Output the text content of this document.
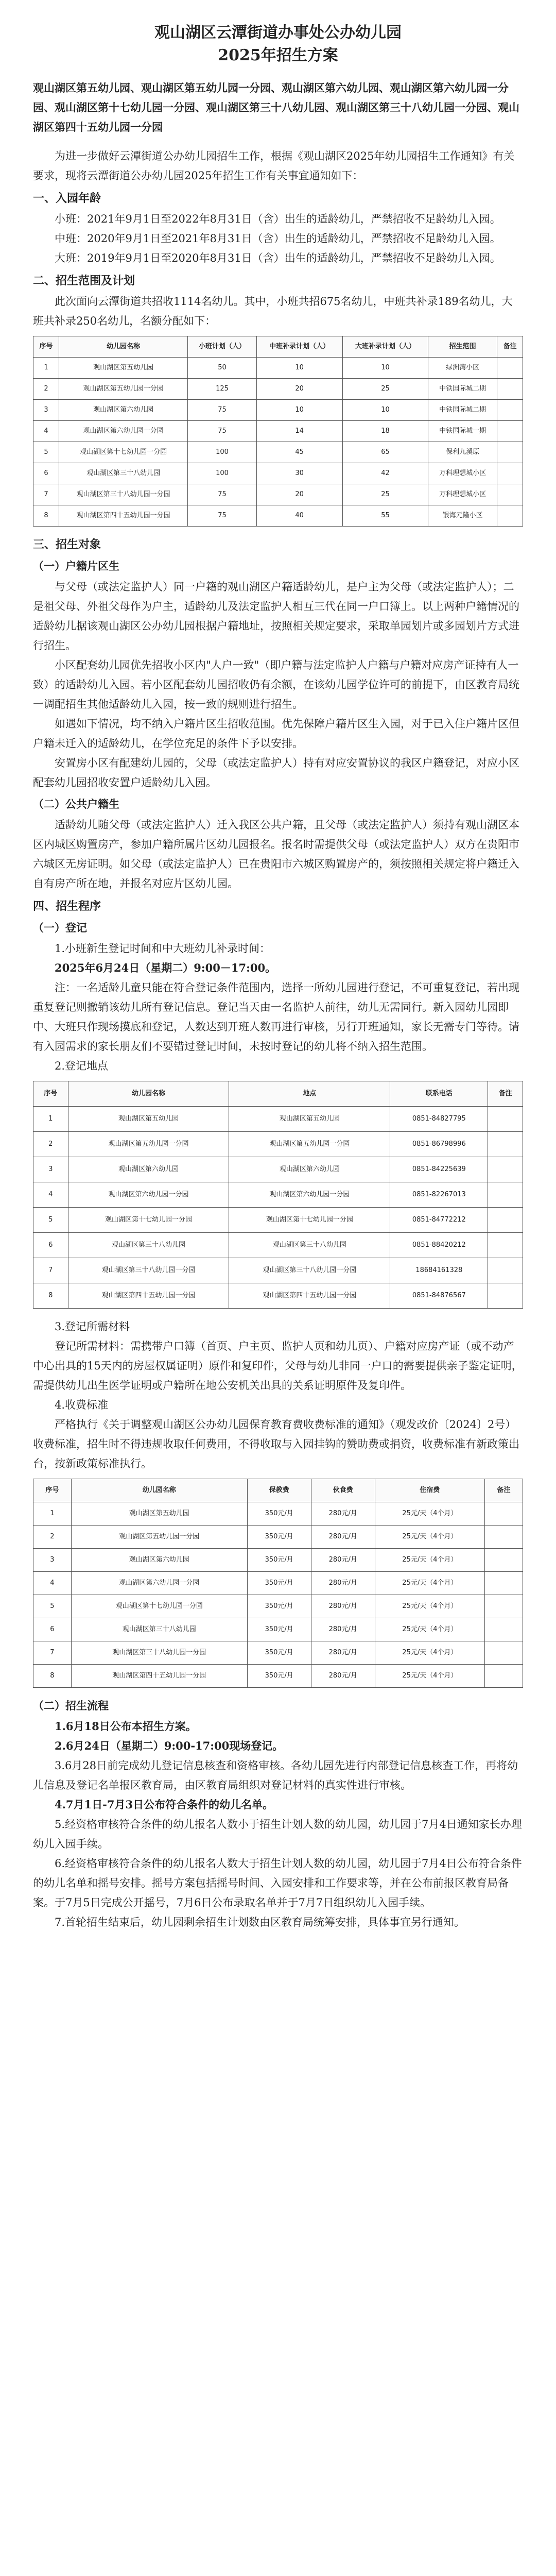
观山湖区云潭街道办事处公办幼儿园
2025年招生方案

观山湖区第五幼儿园、观山湖区第五幼儿园一分园、观山湖区第六幼儿园、观山湖区第六幼儿园一分园、观山湖区第十七幼儿园一分园、观山湖区第三十八幼儿园、观山湖区第三十八幼儿园一分园、观山湖区第四十五幼儿园一分园

为进一步做好云潭街道公办幼儿园招生工作，根据《观山湖区2025年幼儿园招生工作通知》有关要求，现将云潭街道公办幼儿园2025年招生工作有关事宜通知如下：

一、入园年龄

小班：2021年9月1日至2022年8月31日（含）出生的适龄幼儿，严禁招收不足龄幼儿入园。

中班：2020年9月1日至2021年8月31日（含）出生的适龄幼儿，严禁招收不足龄幼儿入园。

大班：2019年9月1日至2020年8月31日（含）出生的适龄幼儿，严禁招收不足龄幼儿入园。

二、招生范围及计划

此次面向云潭街道共招收1114名幼儿。其中，小班共招675名幼儿，中班共补录189名幼儿，大班共补录250名幼儿，名额分配如下：

序号	幼儿园名称	小班计划（人）	中班补录计划（人）	大班补录计划（人）	招生范围	备注
1	观山湖区第五幼儿园	50	10	10	绿洲湾小区	
2	观山湖区第五幼儿园一分园	125	20	25	中铁国际城二期	
3	观山湖区第六幼儿园	75	10	10	中铁国际城二期	
4	观山湖区第六幼儿园一分园	75	14	18	中铁国际城一期	
5	观山湖区第十七幼儿园一分园	100	45	65	保利九溪原	
6	观山湖区第三十八幼儿园	100	30	42	万科理想城小区	
7	观山湖区第三十八幼儿园一分园	75	20	25	万科理想城小区	
8	观山湖区第四十五幼儿园一分园	75	40	55	银海元隆小区	
三、招生对象
（一）户籍片区生

与父母（或法定监护人）同一户籍的观山湖区户籍适龄幼儿，是户主为父母（或法定监护人）；二是祖父母、外祖父母作为户主，适龄幼儿及法定监护人相互三代在同一户口簿上。以上两种户籍情况的适龄幼儿据该观山湖区公办幼儿园根据户籍地址，按照相关规定要求，采取单园划片或多园划片方式进行招生。

小区配套幼儿园优先招收小区内"人户一致"（即户籍与法定监护人户籍与户籍对应房产证持有人一致）的适龄幼儿入园。若小区配套幼儿园招收仍有余额，在该幼儿园学位许可的前提下，由区教育局统一调配招生其他适龄幼儿入园，按一致的规则进行招生。

如遇如下情况，均不纳入户籍片区生招收范围。优先保障户籍片区生入园，对于已入住户籍片区但户籍未迁入的适龄幼儿，在学位充足的条件下予以安排。

安置房小区有配建幼儿园的，父母（或法定监护人）持有对应安置协议的我区户籍登记，对应小区配套幼儿园招收安置户适龄幼儿入园。

（二）公共户籍生

适龄幼儿随父母（或法定监护人）迁入我区公共户籍，且父母（或法定监护人）须持有观山湖区本区内城区购置房产，参加户籍所属片区幼儿园报名。报名时需提供父母（或法定监护人）双方在贵阳市六城区无房证明。如父母（或法定监护人）已在贵阳市六城区购置房产的，须按照相关规定将户籍迁入自有房产所在地，并报名对应片区幼儿园。

四、招生程序
（一）登记

1.小班新生登记时间和中大班幼儿补录时间：

2025年6月24日（星期二）9:00－17:00。

注：一名适龄儿童只能在符合登记条件范围内，选择一所幼儿园进行登记，不可重复登记，若出现重复登记则撤销该幼儿所有登记信息。登记当天由一名监护人前往，幼儿无需同行。新入园幼儿园即中、大班只作现场摸底和登记，人数达到开班人数再进行审核，另行开班通知，家长无需专门等待。请有入园需求的家长朋友们不要错过登记时间，未按时登记的幼儿将不纳入招生范围。

2.登记地点

序号	幼儿园名称	地点	联系电话	备注
1	观山湖区第五幼儿园	观山湖区第五幼儿园	0851-84827795	
2	观山湖区第五幼儿园一分园	观山湖区第五幼儿园一分园	0851-86798996	
3	观山湖区第六幼儿园	观山湖区第六幼儿园	0851-84225639	
4	观山湖区第六幼儿园一分园	观山湖区第六幼儿园一分园	0851-82267013	
5	观山湖区第十七幼儿园一分园	观山湖区第十七幼儿园一分园	0851-84772212	
6	观山湖区第三十八幼儿园	观山湖区第三十八幼儿园	0851-88420212	
7	观山湖区第三十八幼儿园一分园	观山湖区第三十八幼儿园一分园	18684161328	
8	观山湖区第四十五幼儿园一分园	观山湖区第四十五幼儿园一分园	0851-84876567	

3.登记所需材料

登记所需材料：需携带户口簿（首页、户主页、监护人页和幼儿页）、户籍对应房产证（或不动产中心出具的15天内的房屋权属证明）原件和复印件，父母与幼儿非同一户口的需要提供亲子鉴定证明，需提供幼儿出生医学证明或户籍所在地公安机关出具的关系证明原件及复印件。

4.收费标准

严格执行《关于调整观山湖区公办幼儿园保育教育费收费标准的通知》（观发改价〔2024〕2号）收费标准，招生时不得违规收取任何费用，不得收取与入园挂钩的赞助费或捐资，收费标准有新政策出台，按新政策标准执行。

序号	幼儿园名称	保教费	伙食费	住宿费	备注
1	观山湖区第五幼儿园	350元/月	280元/月	25元/天（4个月）	
2	观山湖区第五幼儿园一分园	350元/月	280元/月	25元/天（4个月）	
3	观山湖区第六幼儿园	350元/月	280元/月	25元/天（4个月）	
4	观山湖区第六幼儿园一分园	350元/月	280元/月	25元/天（4个月）	
5	观山湖区第十七幼儿园一分园	350元/月	280元/月	25元/天（4个月）	
6	观山湖区第三十八幼儿园	350元/月	280元/月	25元/天（4个月）	
7	观山湖区第三十八幼儿园一分园	350元/月	280元/月	25元/天（4个月）	
8	观山湖区第四十五幼儿园一分园	350元/月	280元/月	25元/天（4个月）	
（二）招生流程

1.6月18日公布本招生方案。

2.6月24日（星期二）9:00-17:00现场登记。

3.6月28日前完成幼儿登记信息核查和资格审核。各幼儿园先进行内部登记信息核查工作，再将幼儿信息及登记名单报区教育局，由区教育局组织对登记材料的真实性进行审核。

4.7月1日-7月3日公布符合条件的幼儿名单。

5.经资格审核符合条件的幼儿报名人数小于招生计划人数的幼儿园，幼儿园于7月4日通知家长办理幼儿入园手续。

6.经资格审核符合条件的幼儿报名人数大于招生计划人数的幼儿园，幼儿园于7月4日公布符合条件的幼儿名单和摇号安排。摇号方案包括摇号时间、入园安排和工作要求等，并在公布前报区教育局备案。于7月5日完成公开摇号，7月6日公布录取名单并于7月7日组织幼儿入园手续。

7.首轮招生结束后，幼儿园剩余招生计划数由区教育局统筹安排，具体事宜另行通知。
